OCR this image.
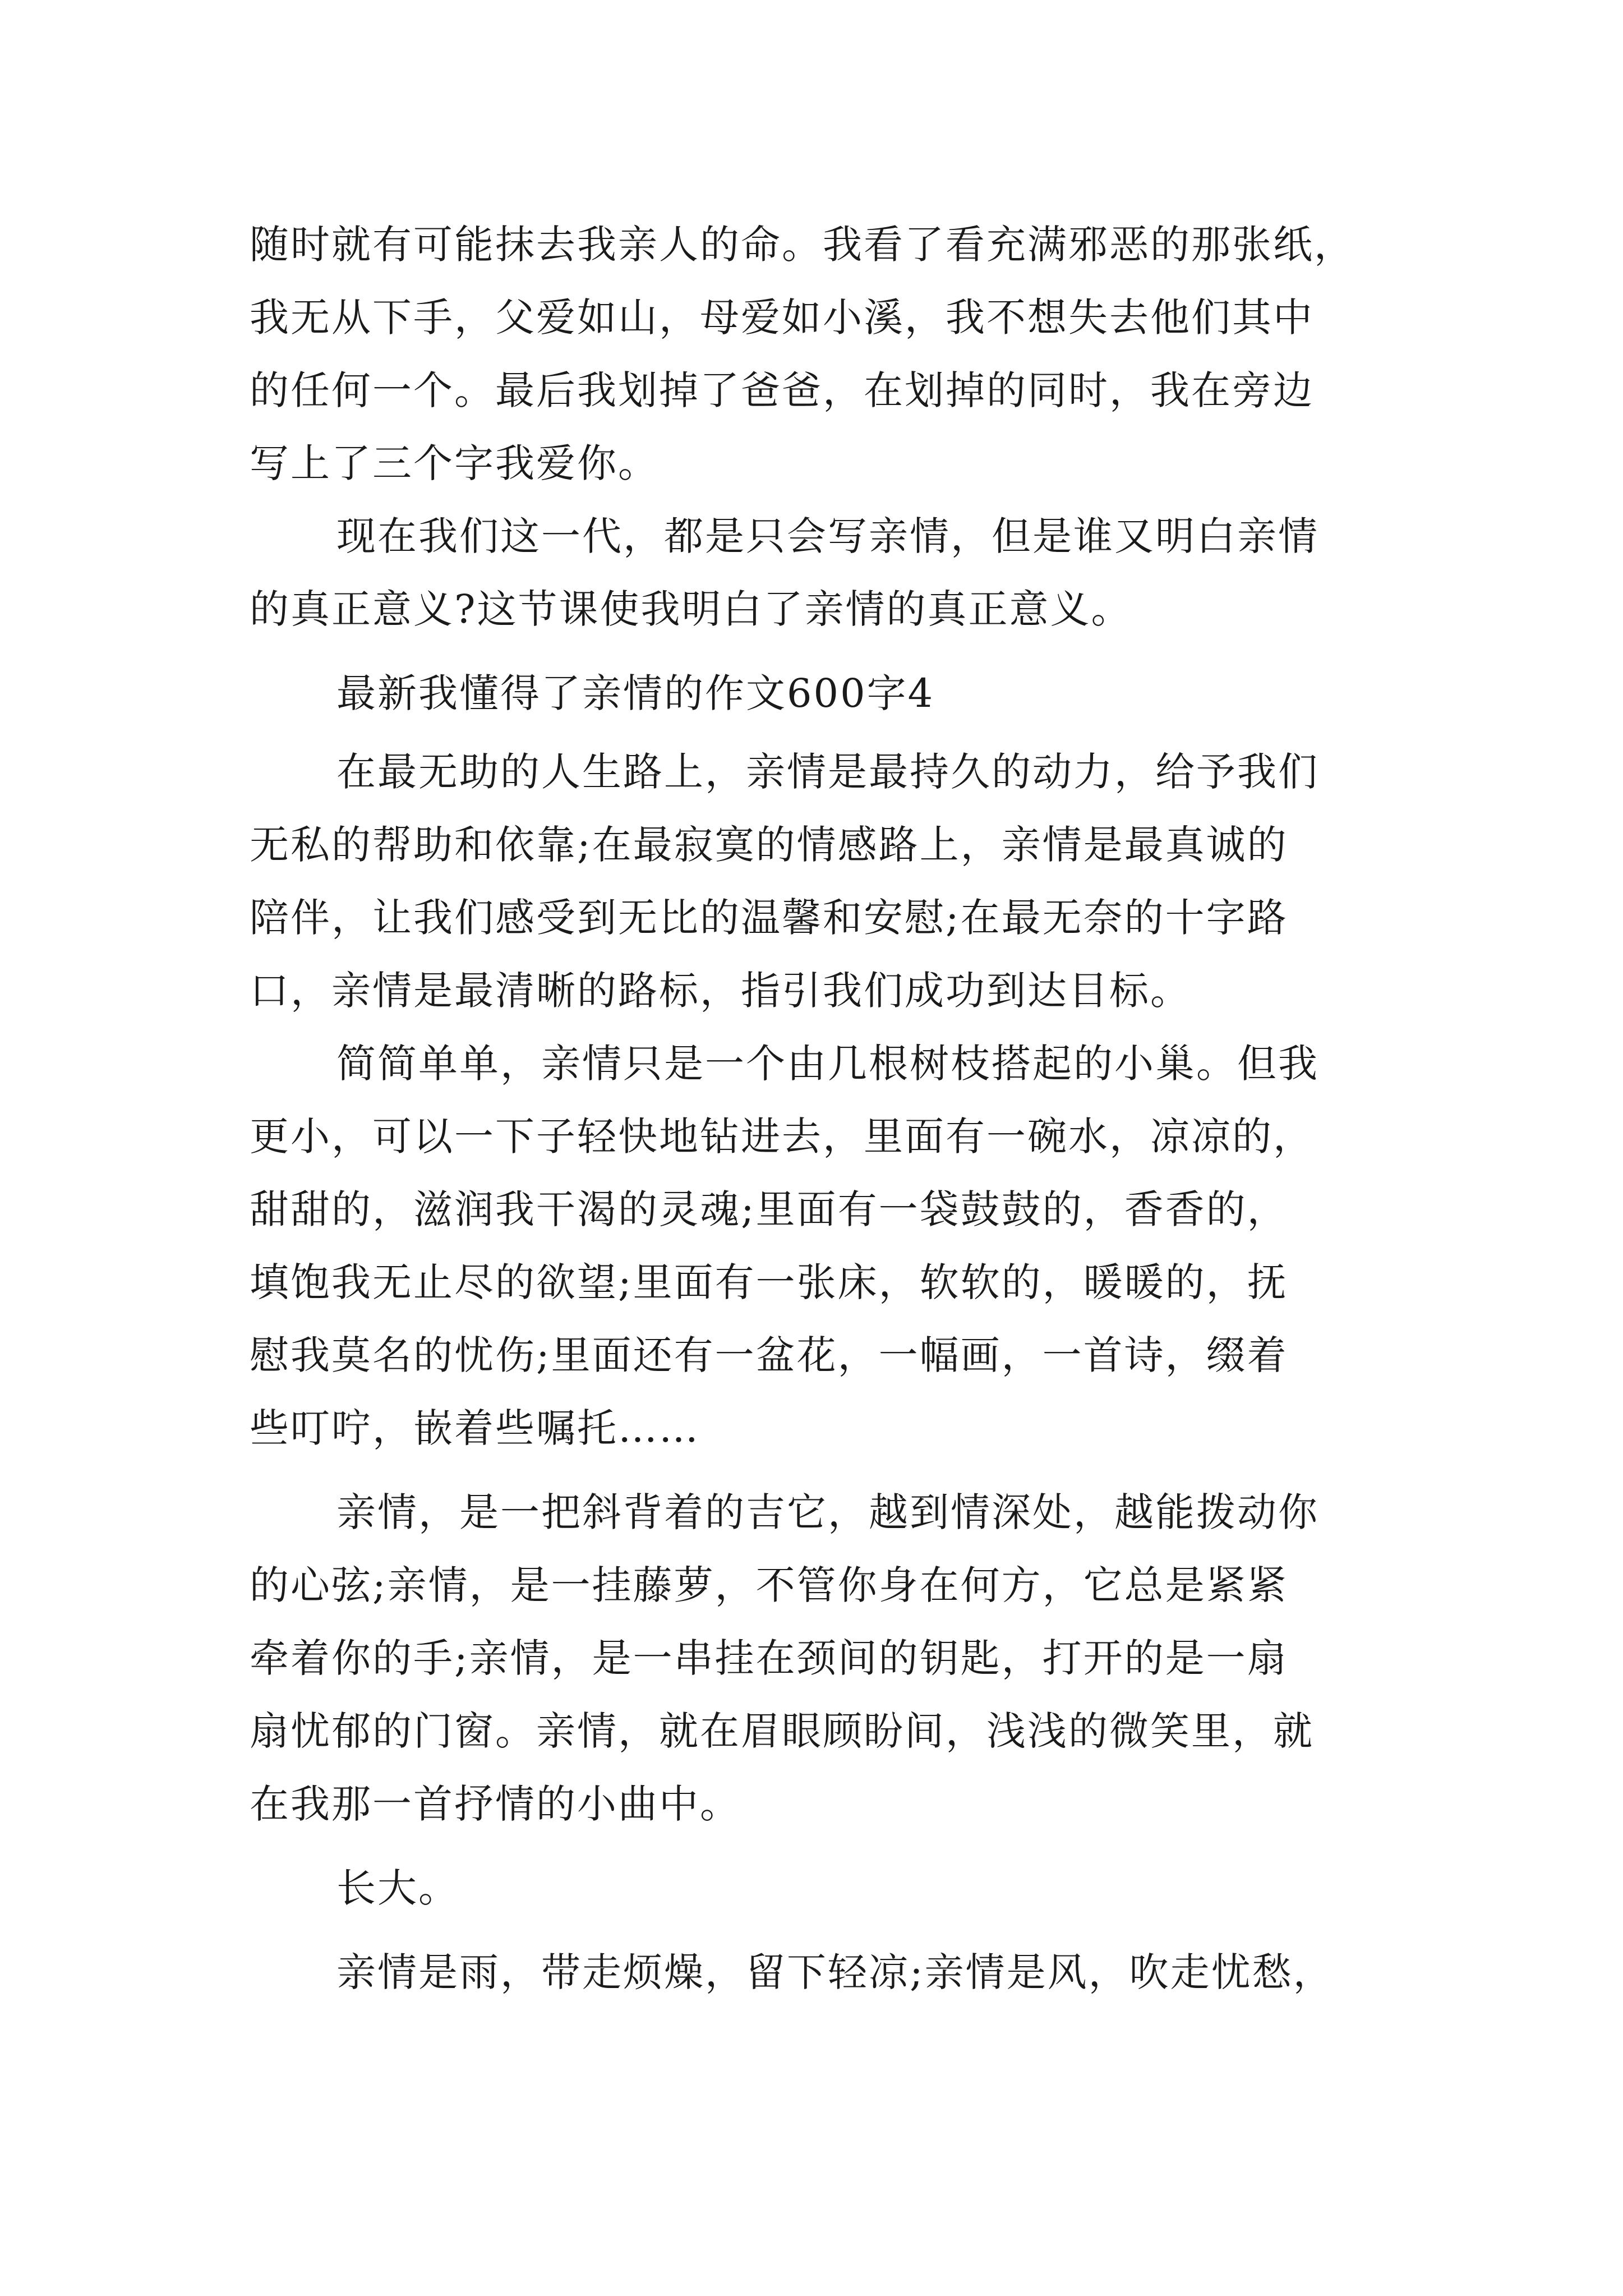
随时就有可能抹去我亲人的命。我看了看充满邪恶的那张纸，

我无从下手，父爱如山，母爱如小溪，我不想失去他们其中

的任何一个。最后我划掉了爸爸，在划掉的同时，我在旁边

写上了三个字我爱你。

现在我们这一代，都是只会写亲情，但是谁又明白亲情

的真正意义?这节课使我明白了亲情的真正意义。

最新我懂得了亲情的作文600字4

在最无助的人生路上，亲情是最持久的动力，给予我们

无私的帮助和依靠;在最寂寞的情感路上，亲情是最真诚的

陪伴，让我们感受到无比的温馨和安慰;在最无奈的十字路

口，亲情是最清晰的路标，指引我们成功到达目标。

简简单单，亲情只是一个由几根树枝搭起的小巢。但我

更小，可以一下子轻快地钻进去，里面有一碗水，凉凉的，

甜甜的，滋润我干渴的灵魂;里面有一袋鼓鼓的，香香的，

填饱我无止尽的欲望;里面有一张床，软软的，暖暖的，抚

慰我莫名的忧伤;里面还有一盆花，一幅画，一首诗，缀着

些叮咛，嵌着些嘱托……

亲情，是一把斜背着的吉它，越到情深处，越能拨动你

的心弦;亲情，是一挂藤萝，不管你身在何方，它总是紧紧

牵着你的手;亲情，是一串挂在颈间的钥匙，打开的是一扇

扇忧郁的门窗。亲情，就在眉眼顾盼间，浅浅的微笑里，就

在我那一首抒情的小曲中。

长大。

亲情是雨，带走烦燥，留下轻凉;亲情是风，吹走忧愁，
